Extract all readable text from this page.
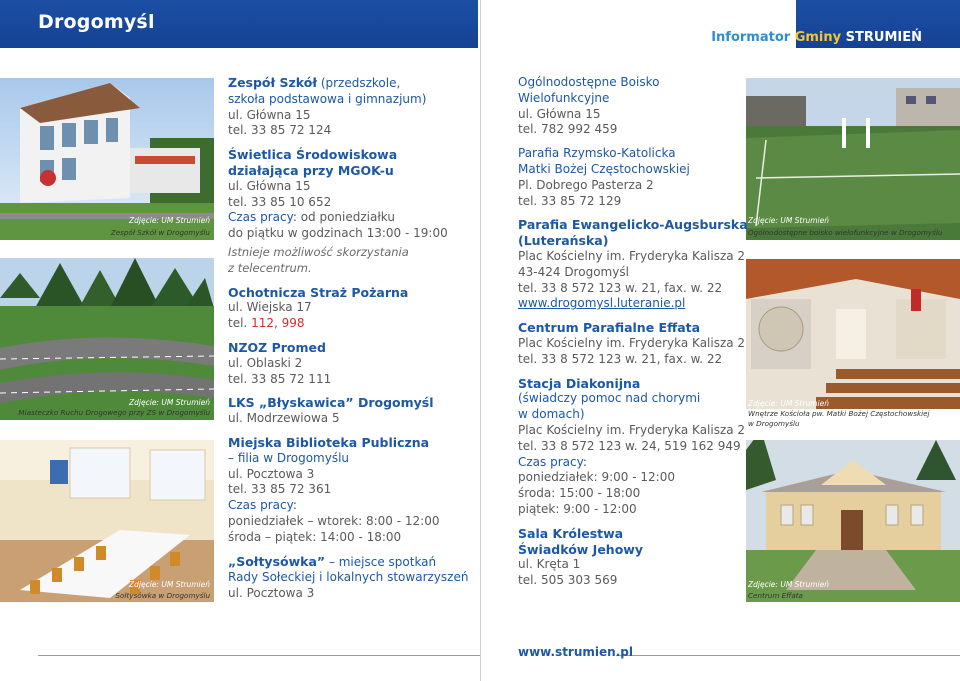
Drogomyśl
Informator Gminy STRUMIEŃ
Zdjęcie: UM Strumień
Zespół Szkół w Drogomyślu
Zdjęcie: UM Strumień
Miasteczko Ruchu Drogowego przy ZS w Drogomyślu
Zdjęcie: UM Strumień
Sołtysówka w Drogomyślu
Zdjęcie: UM Strumień
Ogólnodostępne boisko wielofunkcyjne w Drogomyślu
Zdjęcie: UM Strumień
Wnętrze Kościoła pw. Matki Bożej Częstochowskiej
w Drogomyślu
Zdjęcie: UM Strumień
Centrum Effata

Zespół Szkół (przedszkole,

szkoła podstawowa i gimnazjum)

ul. Główna 15

tel. 33 85 72 124

Świetlica Środowiskowa

działająca przy MGOK-u

ul. Główna 15

tel. 33 85 10 652

Czas pracy: od poniedziałku

do piątku w godzinach 13:00 - 19:00

Istnieje możliwość skorzystania

z telecentrum.

Ochotnicza Straż Pożarna

ul. Wiejska 17

tel. 112, 998

NZOZ Promed

ul. Oblaski 2

tel. 33 85 72 111

LKS „Błyskawica” Drogomyśl

ul. Modrzewiowa 5

Miejska Biblioteka Publiczna

– filia w Drogomyślu

ul. Pocztowa 3

tel. 33 85 72 361

Czas pracy:

poniedziałek – wtorek: 8:00 - 12:00

środa – piątek: 14:00 - 18:00

„Sołtysówka” – miejsce spotkań

Rady Sołeckiej i lokalnych stowarzyszeń

ul. Pocztowa 3

Ogólnodostępne Boisko

Wielofunkcyjne

ul. Główna 15

tel. 782 992 459

Parafia Rzymsko-Katolicka

Matki Bożej Częstochowskiej

Pl. Dobrego Pasterza 2

tel. 33 85 72 129

Parafia Ewangelicko-Augsburska

(Luterańska)

Plac Kościelny im. Fryderyka Kalisza 2

43-424 Drogomyśl

tel. 33 8 572 123 w. 21, fax. w. 22

www.drogomysl.luteranie.pl

Centrum Parafialne Effata

Plac Kościelny im. Fryderyka Kalisza 2

tel. 33 8 572 123 w. 21, fax. w. 22

Stacja Diakonijna

(świadczy pomoc nad chorymi

w domach)

Plac Kościelny im. Fryderyka Kalisza 2

tel. 33 8 572 123 w. 24, 519 162 949

Czas pracy:

poniedziałek: 9:00 - 12:00

środa: 15:00 - 18:00

piątek: 9:00 - 12:00

Sala Królestwa

Świadków Jehowy

ul. Kręta 1

tel. 505 303 569

www.strumien.pl
